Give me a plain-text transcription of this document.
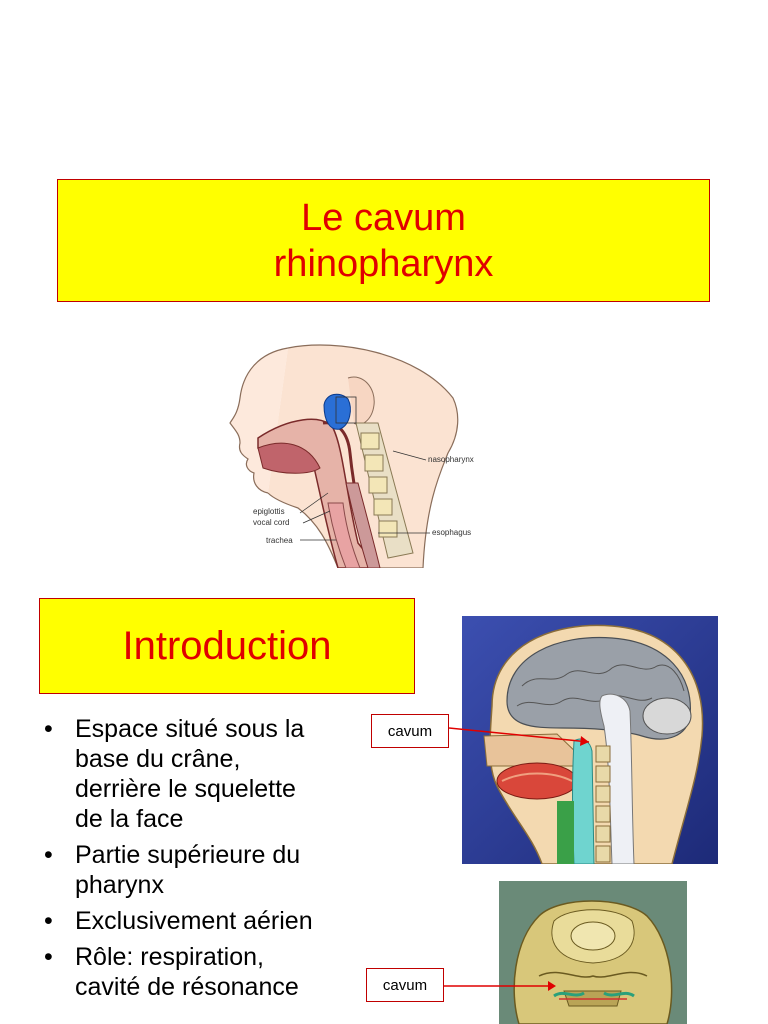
Le cavum
rhinopharynx
nasopharynx
epiglottis
vocal cord
trachea
esophagus
Introduction
• Espace situé sous la
base du crâne,
derrière le squelette
de la face
• Partie supérieure du
pharynx
• Exclusivement aérien
• Rôle: respiration,
cavité de résonance
cavum
cavum
